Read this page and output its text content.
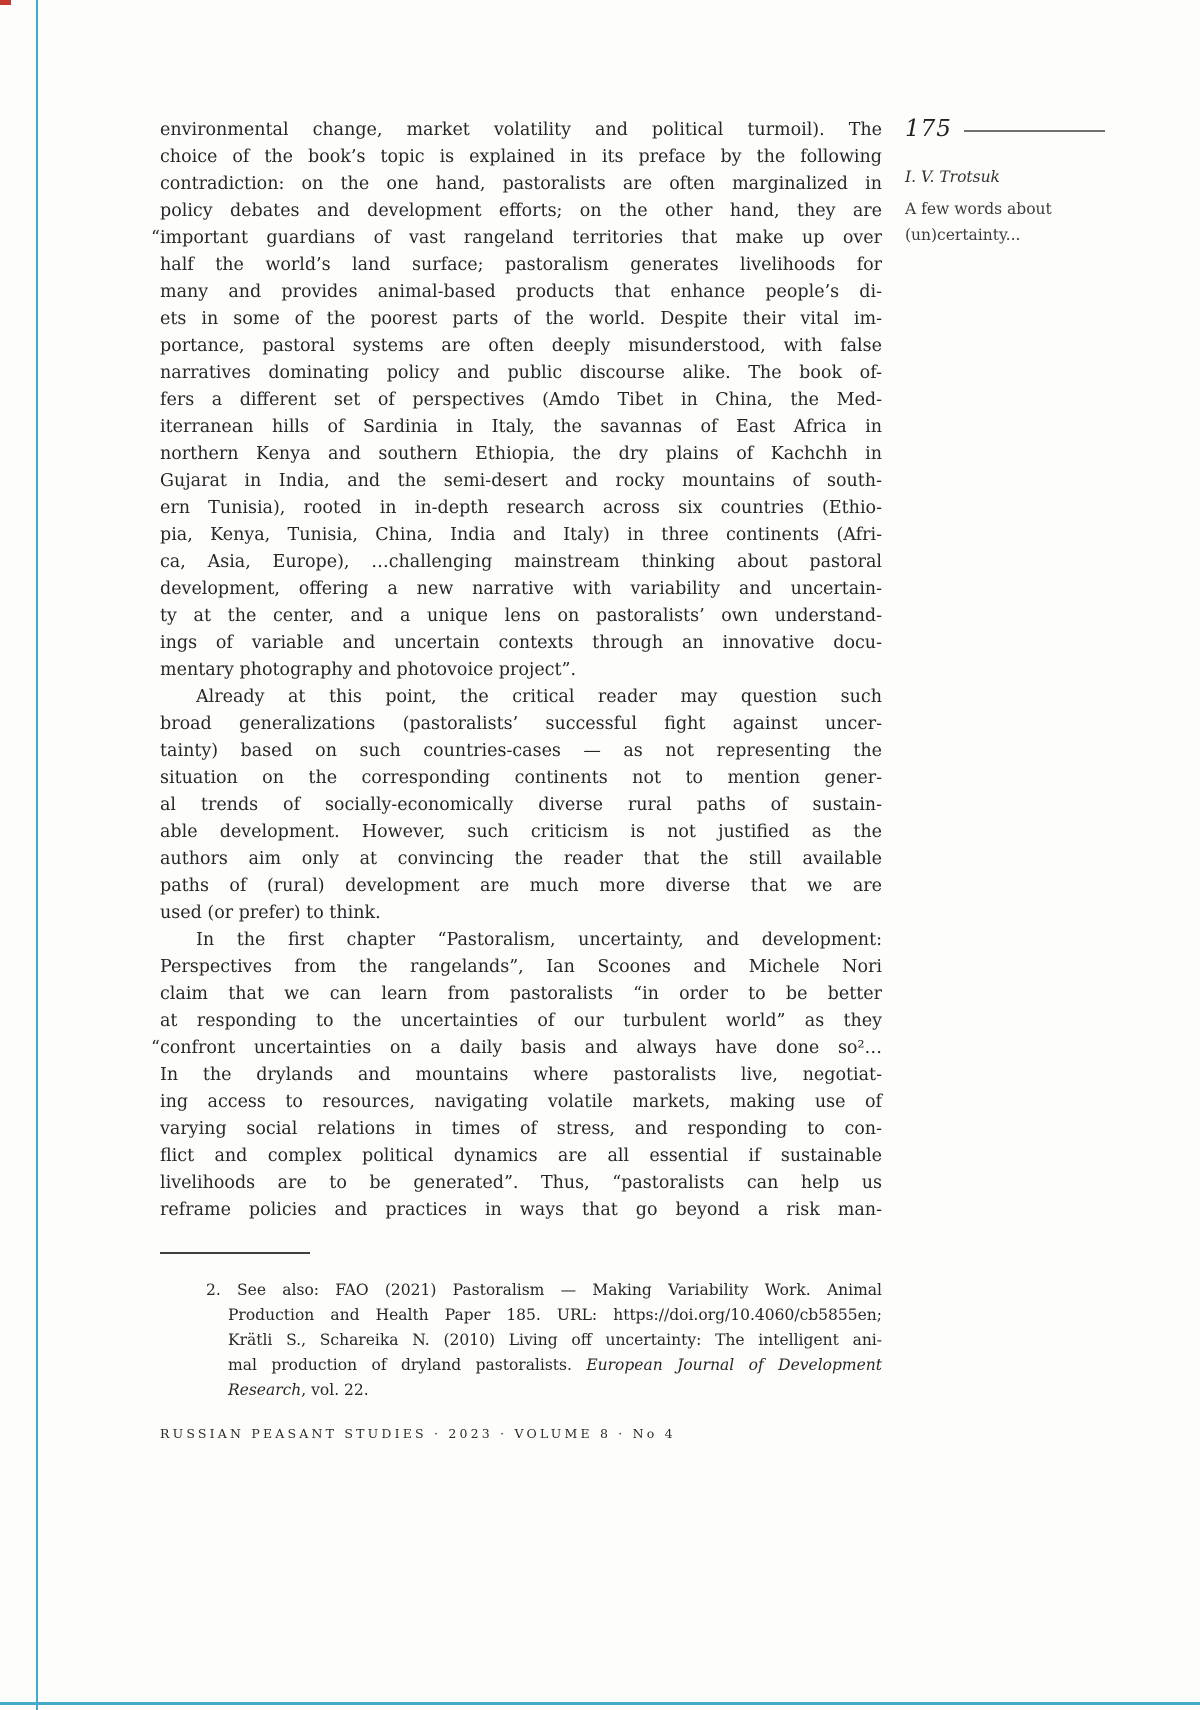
environmental change, market volatility and political turmoil). The
choice of the book’s topic is explained in its preface by the following
contradiction: on the one hand, pastoralists are often marginalized in
policy debates and development efforts; on the other hand, they are
“important guardians of vast rangeland territories that make up over
half the world’s land surface; pastoralism generates livelihoods for
many and provides animal-based products that enhance people’s di-
ets in some of the poorest parts of the world. Despite their vital im-
portance, pastoral systems are often deeply misunderstood, with false
narratives dominating policy and public discourse alike. The book of-
fers a different set of perspectives (Amdo Tibet in China, the Med-
iterranean hills of Sardinia in Italy, the savannas of East Africa in
northern Kenya and southern Ethiopia, the dry plains of Kachchh in
Gujarat in India, and the semi-desert and rocky mountains of south-
ern Tunisia), rooted in in-depth research across six countries (Ethio-
pia, Kenya, Tunisia, China, India and Italy) in three continents (Afri-
ca, Asia, Europe), …challenging mainstream thinking about pastoral
development, offering a new narrative with variability and uncertain-
ty at the center, and a unique lens on pastoralists’ own understand-
ings of variable and uncertain contexts through an innovative docu-
mentary photography and photovoice project”.
Already at this point, the critical reader may question such
broad generalizations (pastoralists’ successful fight against uncer-
tainty) based on such countries-cases — as not representing the
situation on the corresponding continents not to mention gener-
al trends of socially-economically diverse rural paths of sustain-
able development. However, such criticism is not justified as the
authors aim only at convincing the reader that the still available
paths of (rural) development are much more diverse that we are
used (or prefer) to think.
In the first chapter “Pastoralism, uncertainty, and development:
Perspectives from the rangelands”, Ian Scoones and Michele Nori
claim that we can learn from pastoralists “in order to be better
at responding to the uncertainties of our turbulent world” as they
“confront uncertainties on a daily basis and always have done so²…
In the drylands and mountains where pastoralists live, negotiat-
ing access to resources, navigating volatile markets, making use of
varying social relations in times of stress, and responding to con-
flict and complex political dynamics are all essential if sustainable
livelihoods are to be generated”. Thus, “pastoralists can help us
reframe policies and practices in ways that go beyond a risk man-
175
I. V. Trotsuk
A few words about
(un)certainty...
2. See also: FAO (2021) Pastoralism — Making Variability Work. Animal
Production and Health Paper 185. URL: https://doi.org/10.4060/cb5855en;
Krätli S., Schareika N. (2010) Living off uncertainty: The intelligent ani-
mal production of dryland pastoralists. European Journal of Development
Research, vol. 22.
RUSSIAN PEASANT STUDIES · 2023 · VOLUME 8 · No 4
